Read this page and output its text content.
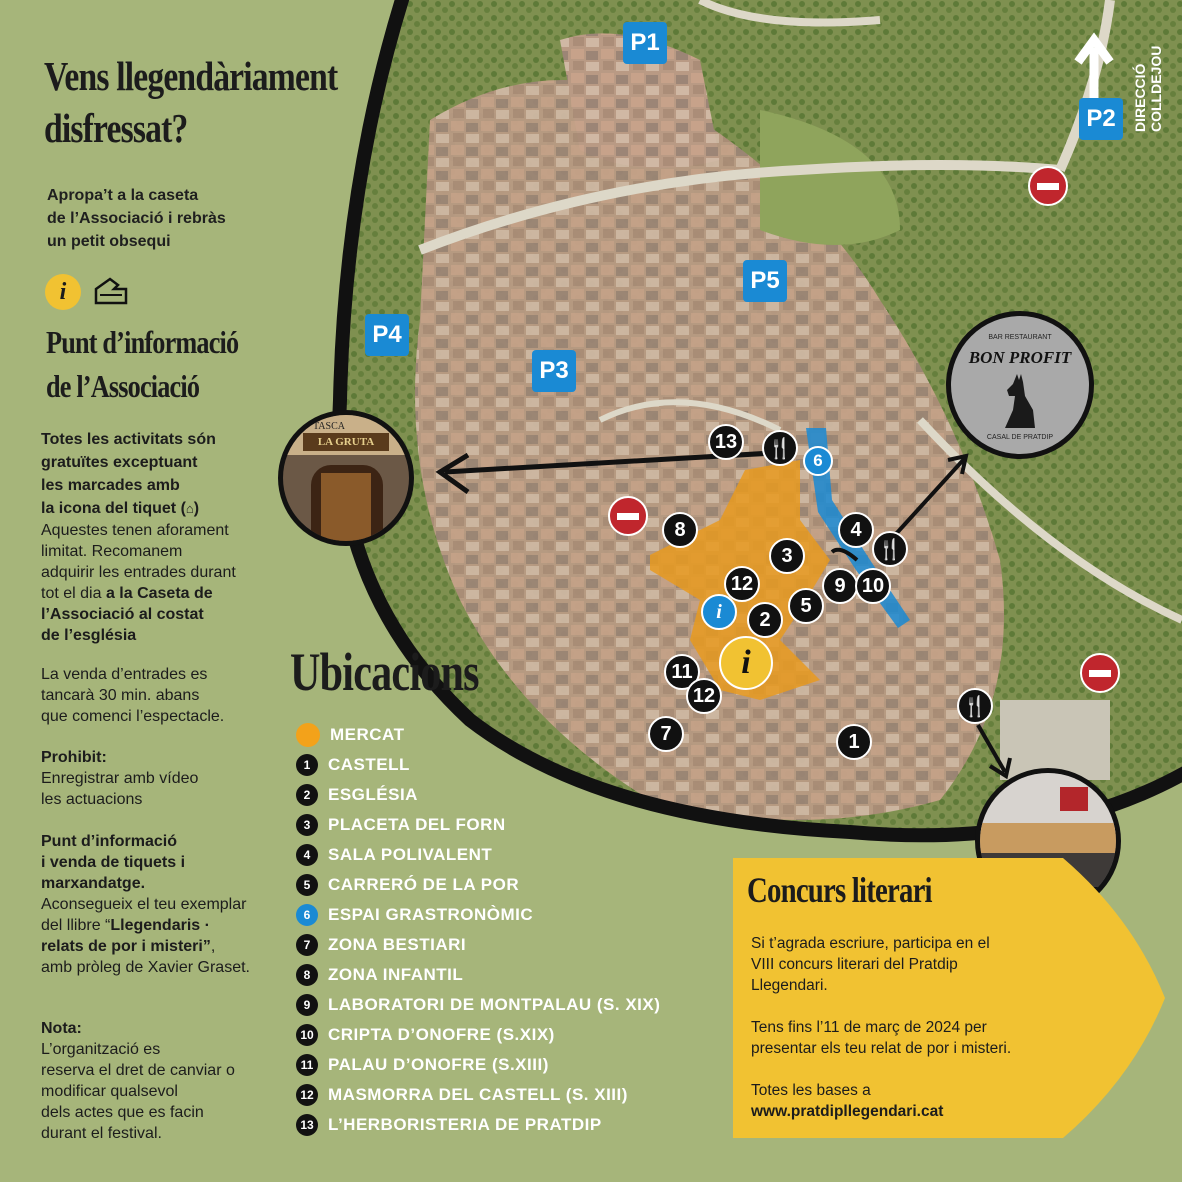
P1
P2
P3
P4
P5
DIRECCIÓ COLLDEJOU
13	🍴
6
8	4
🍴
3
9 10
12
5
i	2
i
11
12
7	1
🍴
TASCA
LA GRUTA
BAR RESTAURANT
BON PROFIT
CASAL DE PRATDIP
Vens llegendàriament
disfressat?
Apropa’t a la caseta
de l’Associació i rebràs
un petit obsequi
i
Punt d’informació
de l’Associació
Totes les activitats són
gratuïtes exceptuant
les marcades amb
la icona del tiquet (⌂)
Aquestes tenen aforament
limitat. Recomanem
adquirir les entrades durant
tot el dia a la Caseta de
l’Associació al costat
de l’església
La venda d’entrades es
tancarà 30 min. abans
que comenci l’espectacle.
Prohibit:
Enregistrar amb vídeo
les actuacions
Punt d’informació
i venda de tiquets i
marxandatge.
Aconsegueix el teu exemplar
del llibre “Llegendaris ·
relats de por i misteri”,
amb pròleg de Xavier Graset.
Nota:
L’organització es
reserva el dret de canviar o
modificar qualsevol
dels actes que es facin
durant el festival.
Ubicacions
MERCAT
1	CASTELL
2	ESGLÉSIA
3	PLACETA DEL FORN
4	SALA POLIVALENT
5	CARRERÓ DE LA POR
6	ESPAI GRASTRONÒMIC
7	ZONA BESTIARI
8	ZONA INFANTIL
9	LABORATORI DE MONTPALAU (S. XIX)
10 CRIPTA D’ONOFRE (S.XIX)
11 PALAU D’ONOFRE (S.XIII)
12 MASMORRA DEL CASTELL (S. XIII)
13 L’HERBORISTERIA DE PRATDIP
Concurs literari
Si t’agrada escriure, participa en el
VIII concurs literari del Pratdip
Llegendari.
Tens fins l’11 de març de 2024 per
presentar els teu relat de por i misteri.
Totes les bases a
www.pratdipllegendari.cat
